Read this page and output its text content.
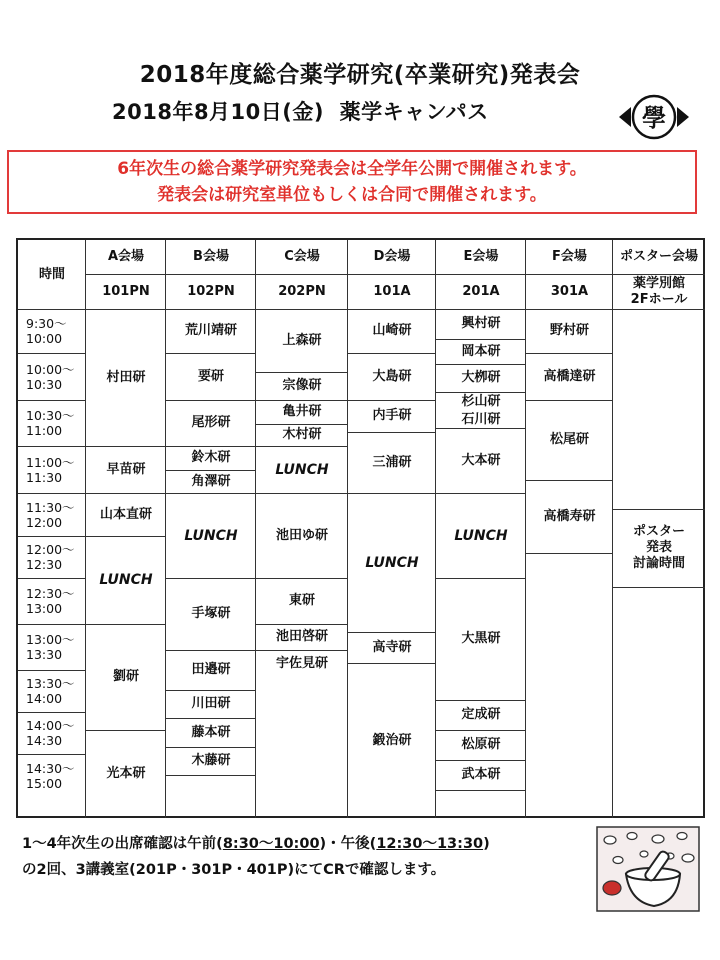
2018年度総合薬学研究(卒業研究)発表会
2018年8月10日(金)  薬学キャンパス	學
6年次生の総合薬学研究発表会は全学年公開で開催されます。
発表会は研究室単位もしくは合同で開催されます。
時間
A会場
101PN
B会場
102PN
C会場
202PN
D会場
101A
E会場
201A
F会場
301A
ポスター会場
薬学別館
2Fホール
9:30〜
10:00
10:00〜
10:30
10:30〜
11:00
11:00〜
11:30
11:30〜
12:00
12:00〜
12:30
12:30〜
13:00
13:00〜
13:30
13:30〜
14:00
14:00〜
14:30
14:30〜
15:00
村田研
早苗研
山本直研
LUNCH
劉研
光本研
荒川靖研
要研
尾形研
鈴木研
角澤研
LUNCH
手塚研
田邉研
川田研
藤本研
木藤研
上森研
宗像研
亀井研
木村研
LUNCH
池田ゆ研
東研
池田啓研
宇佐見研
山崎研
大島研
内手研
三浦研
LUNCH
高寺研
鍛治研
興村研
岡本研
大栁研
杉山研
石川研
大本研
LUNCH
大黒研
定成研
松原研
武本研
野村研
高橋達研
松尾研
高橋寿研
ポスター
発表
討論時間
1〜4年次生の出席確認は午前(8:30〜10:00)・午後(12:30〜13:30)
の2回、3講義室(201P・301P・401P)にてCRで確認します。
